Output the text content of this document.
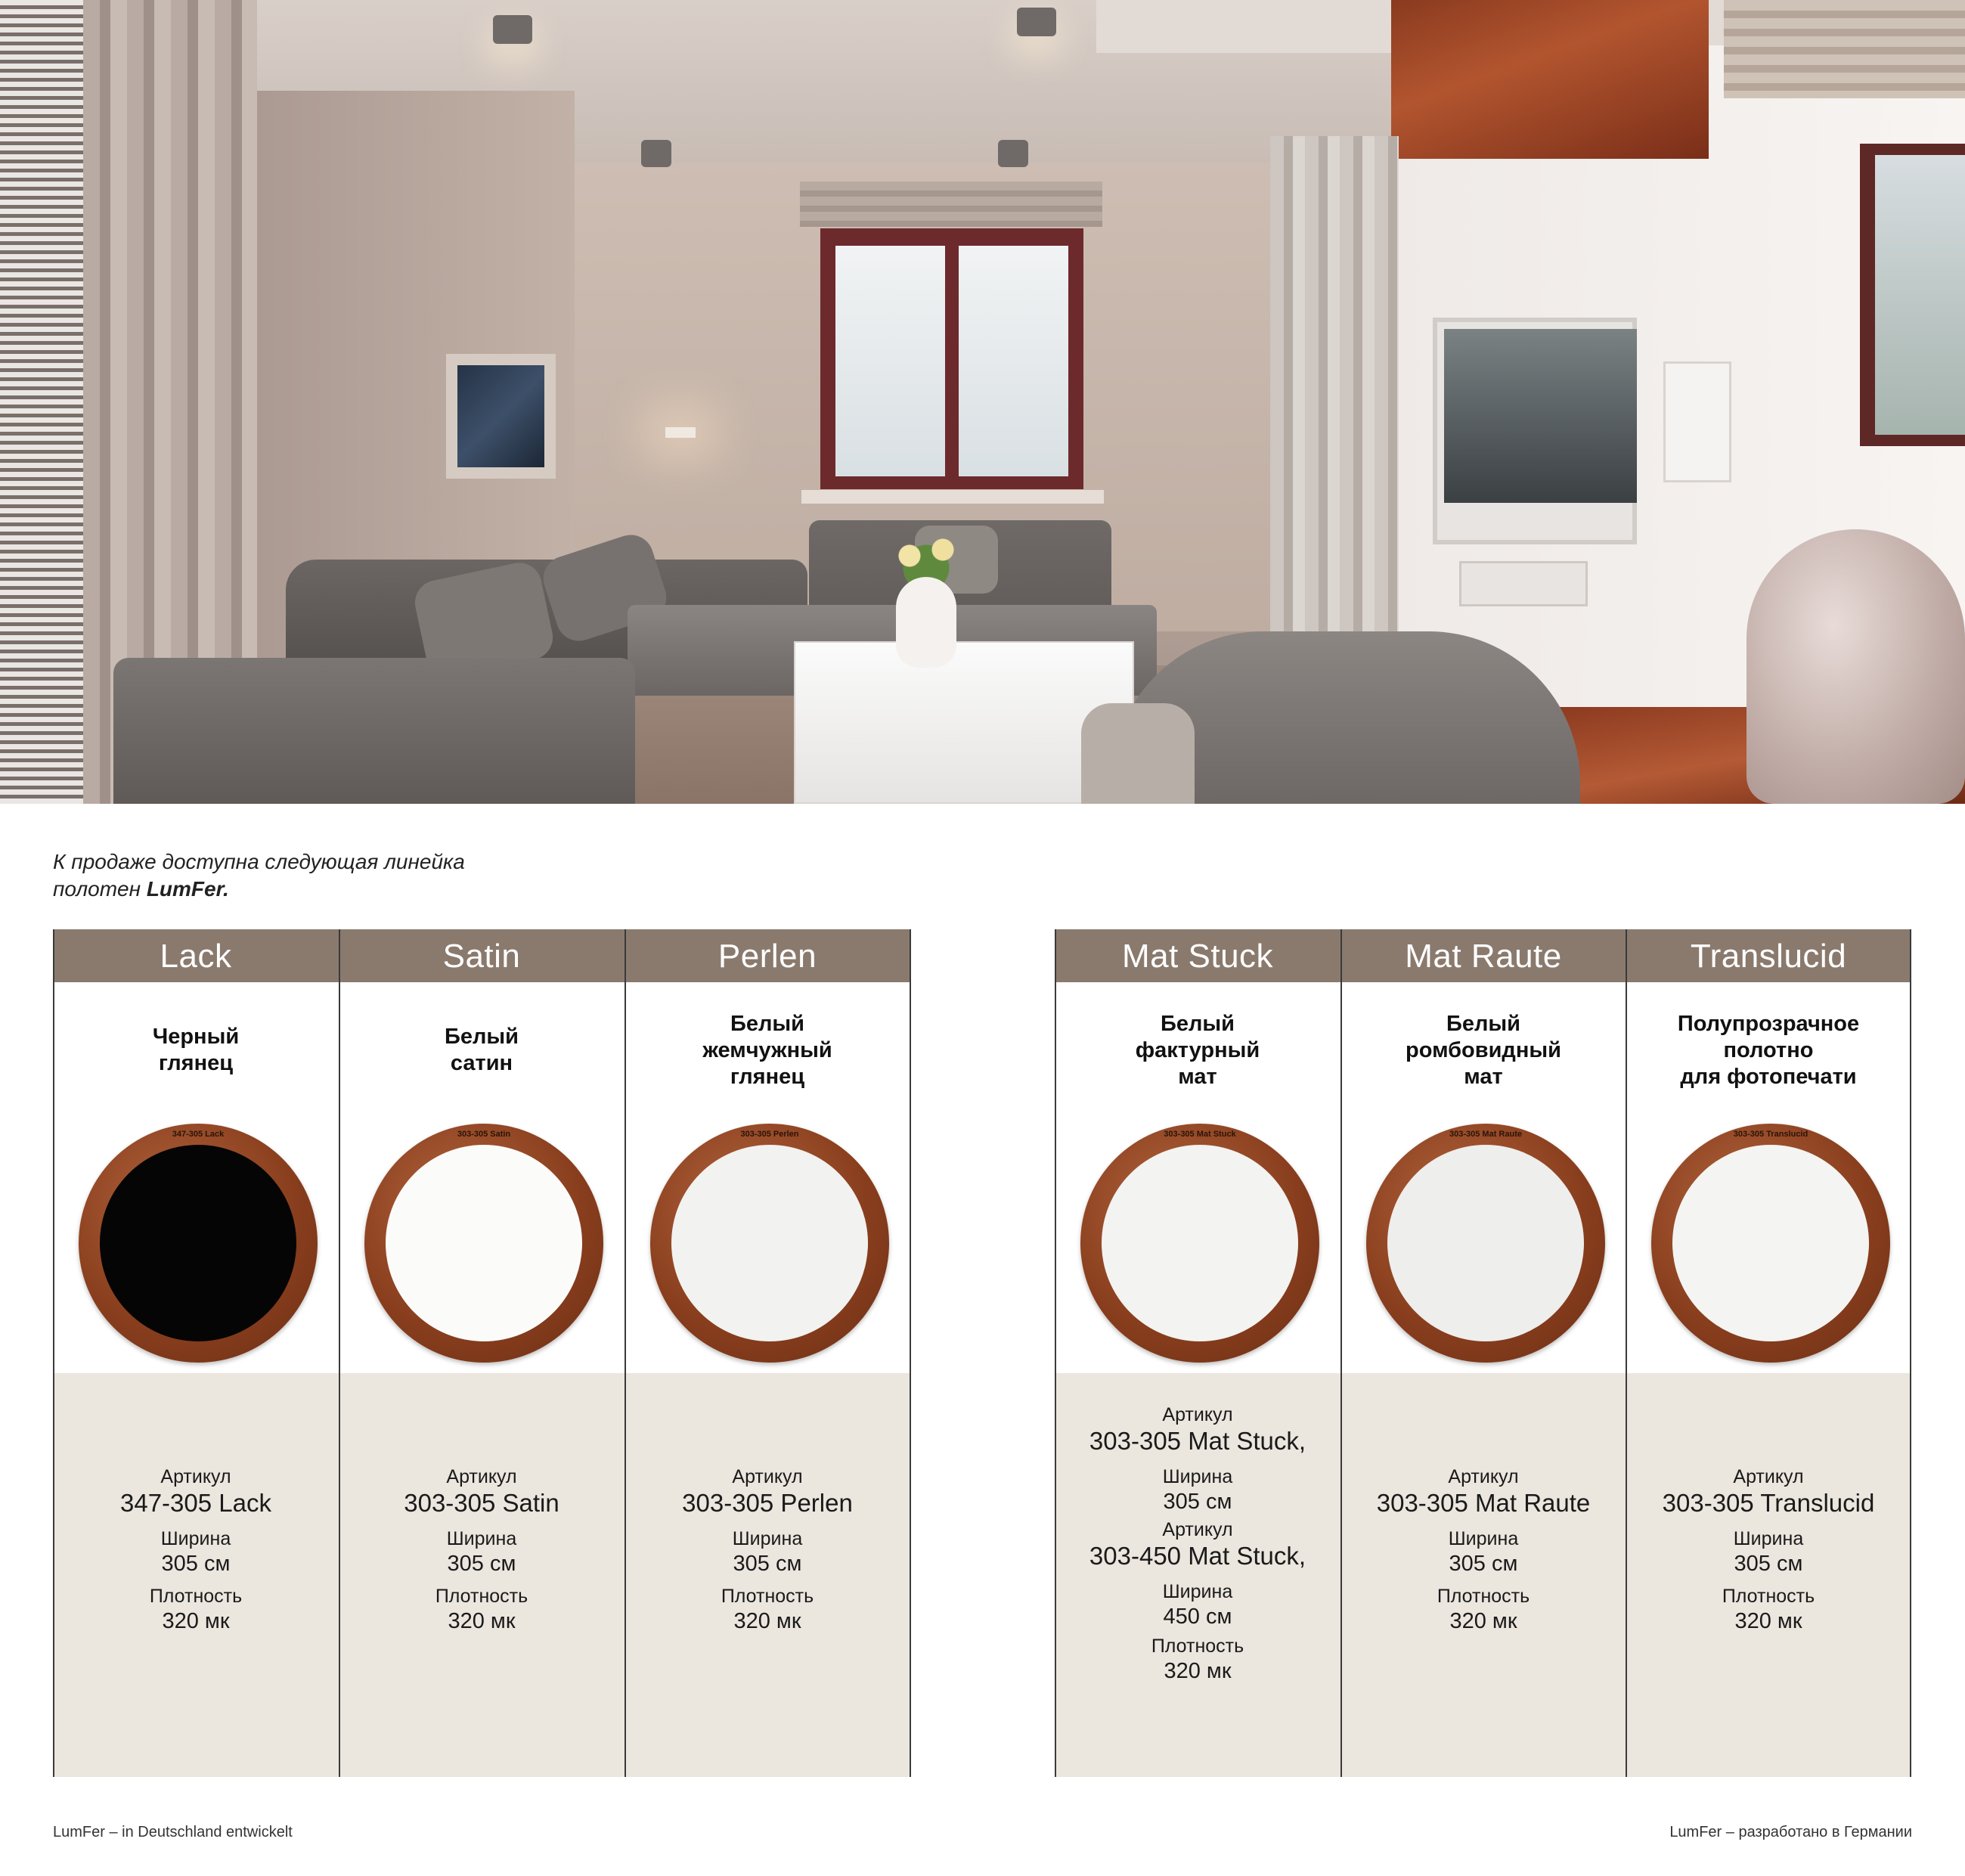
К продаже доступна следующая линейка
полотен LumFer.
Lack
Черный
глянец
347-305 Lack
Артикул
347-305 Lack
Ширина
305 см
Плотность
320 мк
Satin
Белый
сатин
303-305 Satin
Артикул
303-305 Satin
Ширина
305 см
Плотность
320 мк
Perlen
Белый
жемчужный
глянец
303-305 Perlen
Артикул
303-305 Perlen
Ширина
305 см
Плотность
320 мк
Mat Stuck
Белый
фактурный
мат
303-305 Mat Stuck
Артикул
303-305 Mat Stuck,
Ширина
305 см
Артикул
303-450 Mat Stuck,
Ширина
450 см
Плотность
320 мк
Mat Raute
Белый
ромбовидный
мат
303-305 Mat Raute
Артикул
303-305 Mat Raute
Ширина
305 см
Плотность
320 мк
Translucid
Полупрозрачное
полотно
для фотопечати
303-305 Translucid
Артикул
303-305 Translucid
Ширина
305 см
Плотность
320 мк
LumFer – in Deutschland entwickelt	LumFer – разработано в Германии
